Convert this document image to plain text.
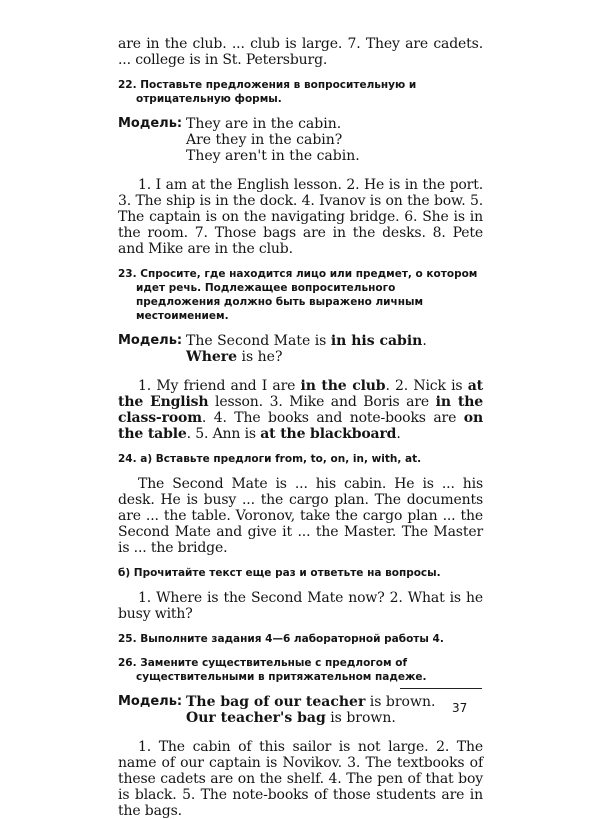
are in the club. ... club is large. 7. They are cadets. ... college is in St. Petersburg.

22. Поставьте предложения в вопросительную и отрицательную формы.

Модель: They are in the cabin.
Are they in the cabin?
They aren't in the cabin.

1. I am at the English lesson. 2. He is in the port. 3. The ship is in the dock. 4. Ivanov is on the bow. 5. The captain is on the navigating bridge. 6. She is in the room. 7. Those bags are in the desks. 8. Pete and Mike are in the club.

23. Спросите, где находится лицо или предмет, о котором идет речь. Подлежащее вопросительного предложения должно быть выражено личным местоимением.

Модель: The Second Mate is in his cabin.
Where is he?

1. My friend and I are in the club. 2. Nick is at the English lesson. 3. Mike and Boris are in the class-room. 4. The books and note-books are on the table. 5. Ann is at the blackboard.

24. а) Вставьте предлоги from, to, on, in, with, at.

The Second Mate is ... his cabin. He is ... his desk. He is busy ... the cargo plan. The documents are ... the table. Voronov, take the cargo plan ... the Second Mate and give it ... the Master. The Master is ... the bridge.

б) Прочитайте текст еще раз и ответьте на вопросы.

1. Where is the Second Mate now? 2. What is he busy with?

25. Выполните задания 4—6 лабораторной работы 4.

26. Замените существительные с предлогом of существительными в притяжательном падеже.

Модель: The bag of our teacher is brown.
Our teacher's bag is brown.

1. The cabin of this sailor is not large. 2. The name of our captain is Novikov. 3. The textbooks of these cadets are on the shelf. 4. The pen of that boy is black. 5. The note-books of those students are in the bags.

37
